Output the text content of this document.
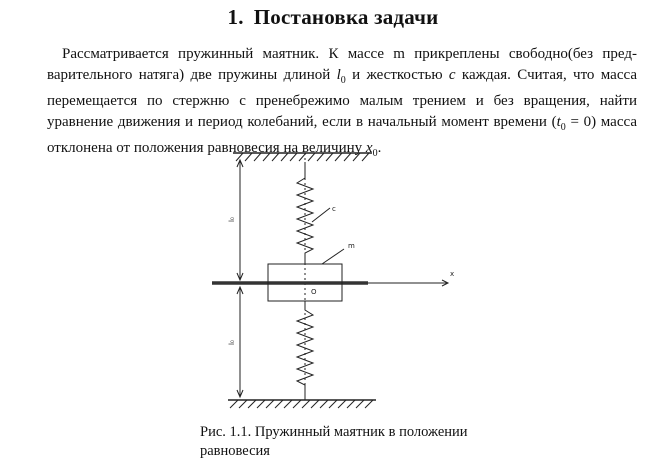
1. Постановка задачи
Рассматривается пружинный маятник. К массе m прикреплены свободно(без пред-варительного натяга) две пружины длиной $l_0$ и жесткостью c каждая. Считая, что масса перемещается по стержню с пренебрежимо малым трением и без вращения, найти уравнение движения и период колебаний, если в начальный момент времени $(t_0 = 0)$ масса отклонена от положения равновесия на величину $x_0$.
c
m
x
O
l₀
l₀
Рис. 1.1. Пружинный маятник в положении равновесия
